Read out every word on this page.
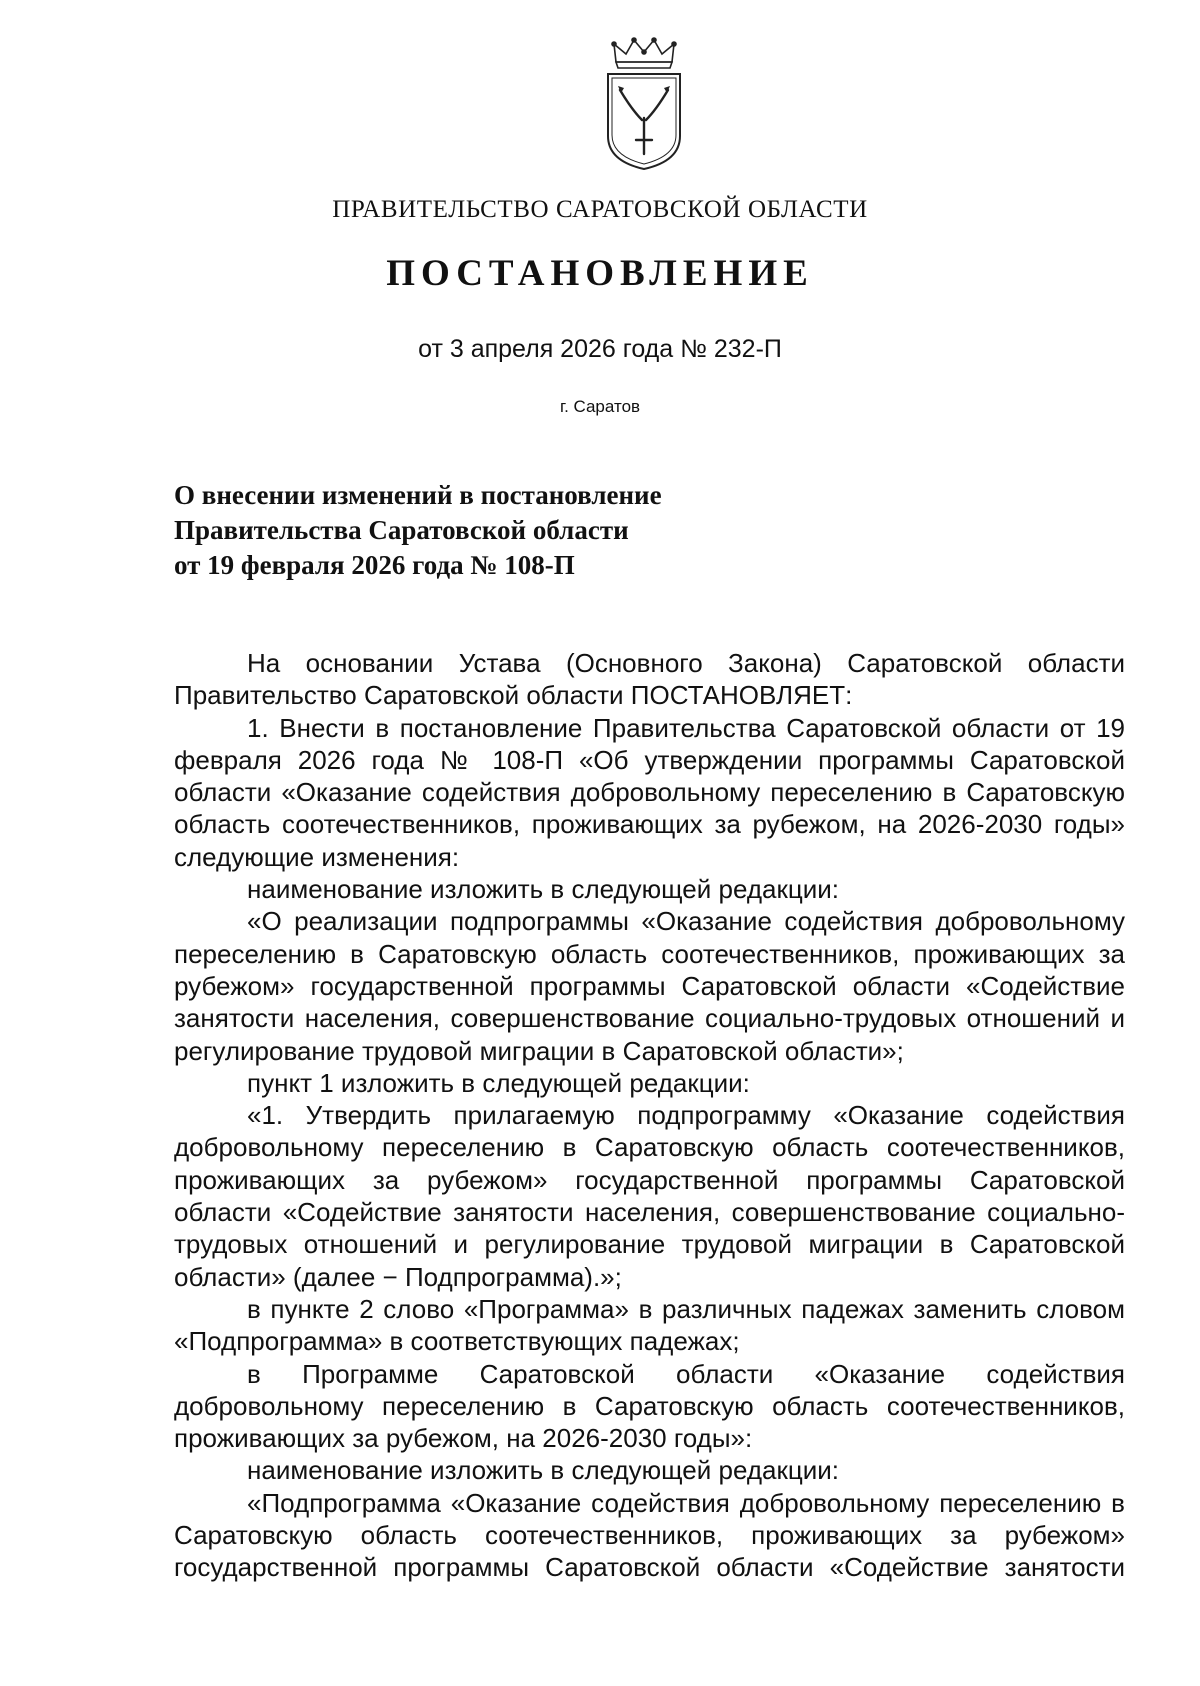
ПРАВИТЕЛЬСТВО САРАТОВСКОЙ ОБЛАСТИ
ПОСТАНОВЛЕНИЕ
от 3 апреля 2026 года № 232-П
г. Саратов
О внесении изменений в постановление
Правительства Саратовской области
от 19 февраля 2026 года № 108-П
На основании Устава (Основного Закона) Саратовской области Правительство Саратовской области ПОСТАНОВЛЯЕТ:
1. Внести в постановление Правительства Саратовской области от 19 февраля 2026 года № 108-П «Об утверждении программы Саратовской области «Оказание содействия добровольному переселению в Саратовскую область соотечественников, проживающих за рубежом, на 2026-2030 годы» следующие изменения:
наименование изложить в следующей редакции:
«О реализации подпрограммы «Оказание содействия добровольному переселению в Саратовскую область соотечественников, проживающих за рубежом» государственной программы Саратовской области «Содействие занятости населения, совершенствование социально-трудовых отношений и регулирование трудовой миграции в Саратовской области»;
пункт 1 изложить в следующей редакции:
«1. Утвердить прилагаемую подпрограмму «Оказание содействия добровольному переселению в Саратовскую область соотечественников, проживающих за рубежом» государственной программы Саратовской области «Содействие занятости населения, совершенствование социально-трудовых отношений и регулирование трудовой миграции в Саратовской области» (далее − Подпрограмма).»;
в пункте 2 слово «Программа» в различных падежах заменить словом «Подпрограмма» в соответствующих падежах;
в Программе Саратовской области «Оказание содействия добровольному переселению в Саратовскую область соотечественников, проживающих за рубежом, на 2026-2030 годы»:
наименование изложить в следующей редакции:
«Подпрограмма «Оказание содействия добровольному переселению в Саратовскую область соотечественников, проживающих за рубежом» государственной программы Саратовской области «Содействие занятости
